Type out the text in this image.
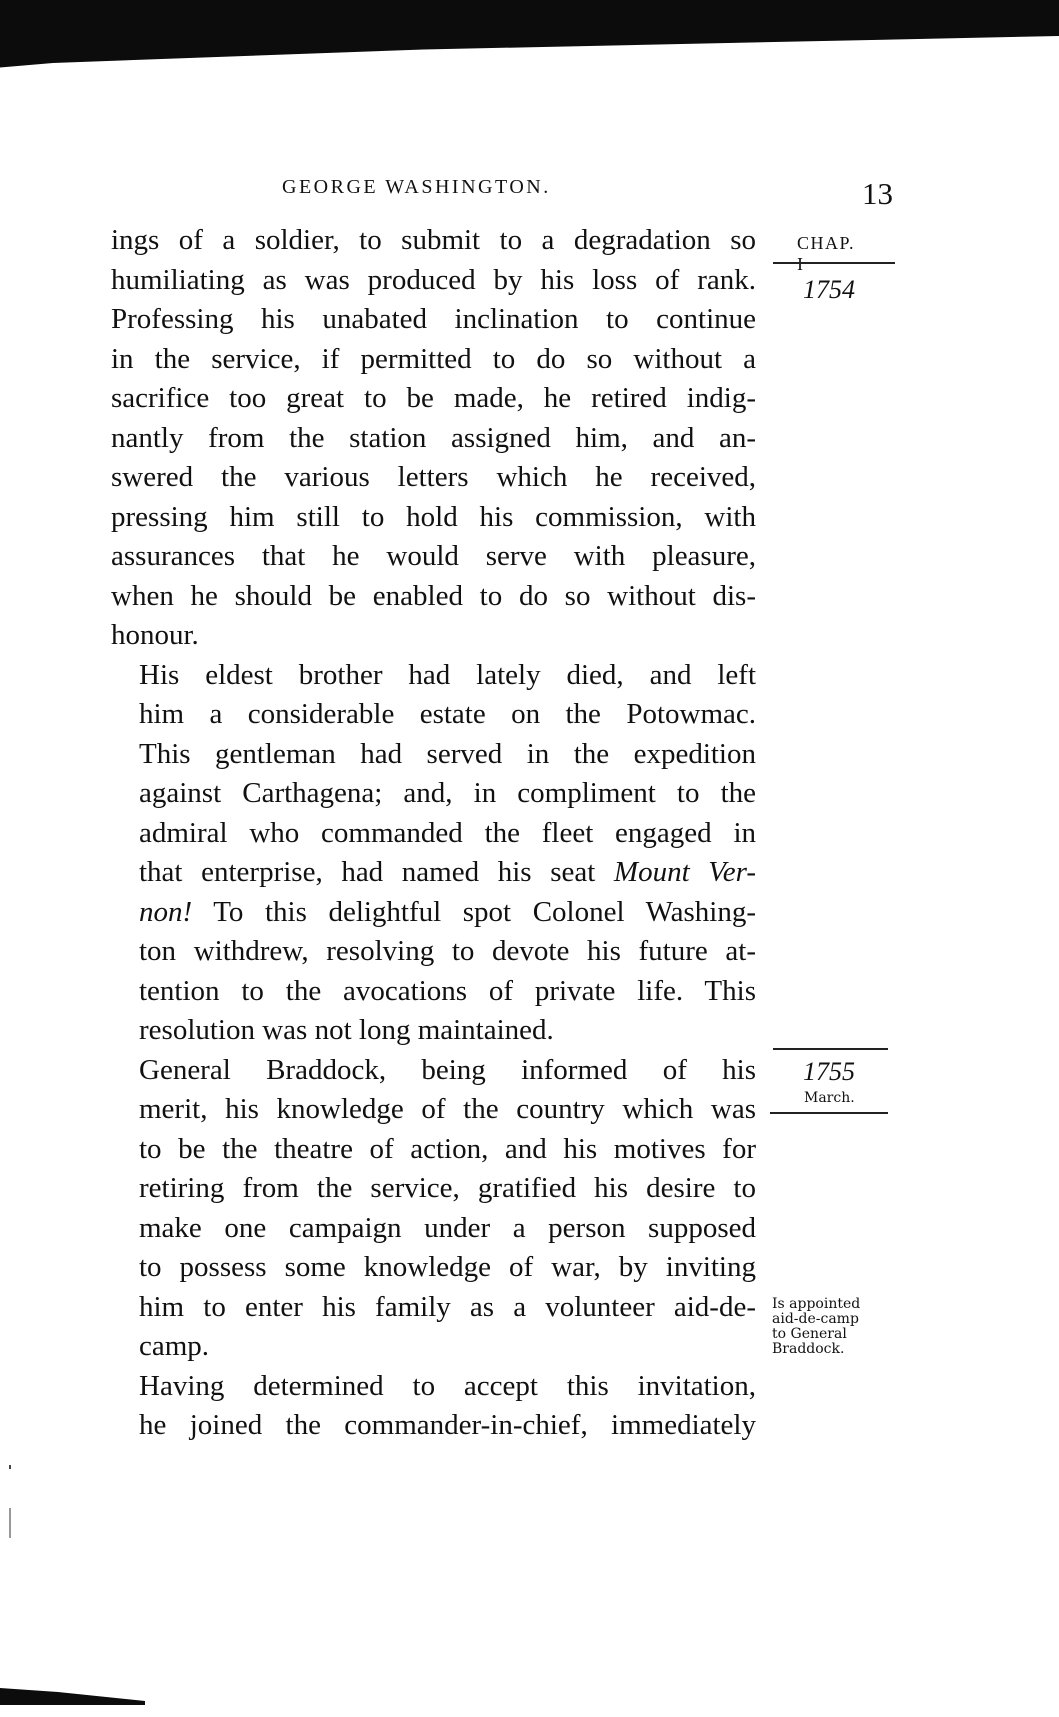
GEORGE WASHINGTON.	13

ings of a soldier, to submit to a degradation so
humiliating as was produced by his loss of rank.
Professing his unabated inclination to continue
in the service, if permitted to do so without a
sacrifice too great to be made, he retired indig-
nantly from the station assigned him, and an-
swered the various letters which he received,
pressing him still to hold his commission, with
assurances that he would serve with pleasure,
when he should be enabled to do so without dis-
honour.

His eldest brother had lately died, and left
him a considerable estate on the Potowmac.
This gentleman had served in the expedition
against Carthagena; and, in compliment to the
admiral who commanded the fleet engaged in
that enterprise, had named his seat Mount Ver-
non! To this delightful spot Colonel Washing-
ton withdrew, resolving to devote his future at-
tention to the avocations of private life. This
resolution was not long maintained.

General Braddock, being informed of his
merit, his knowledge of the country which was
to be the theatre of action, and his motives for
retiring from the service, gratified his desire to
make one campaign under a person supposed
to possess some knowledge of war, by inviting
him to enter his family as a volunteer aid-de-
camp.

Having determined to accept this invitation,
he joined the commander-in-chief, immediately

CHAP. I
1754
1755
March.
Is appointed
aid-de-camp
to General
Braddock.
